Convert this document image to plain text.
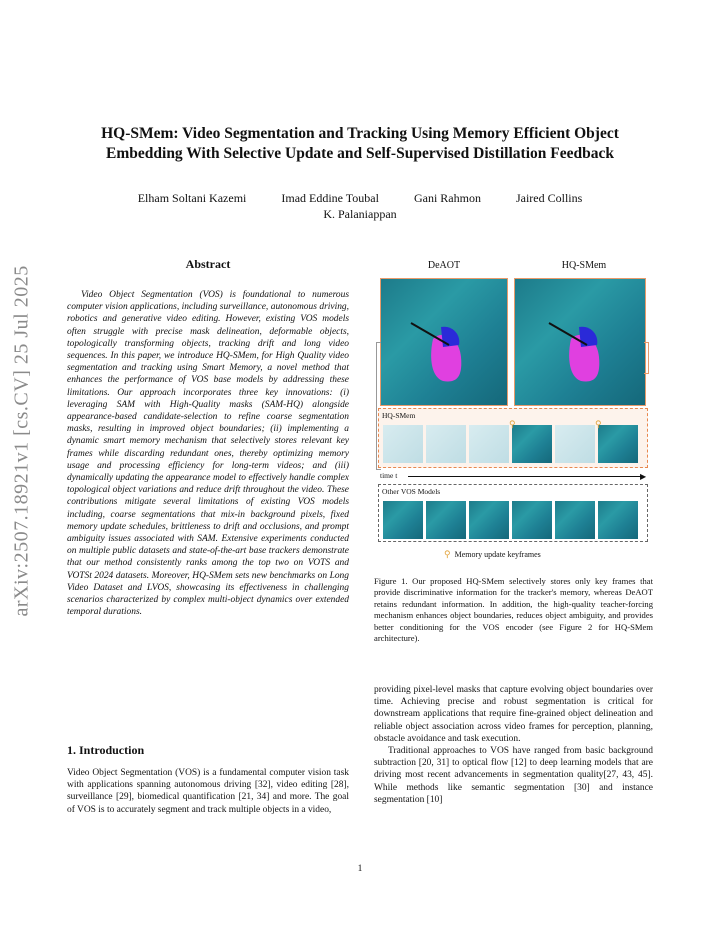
HQ-SMem: Video Segmentation and Tracking Using Memory Efficient Object
Embedding With Selective Update and Self-Supervised Distillation Feedback
Elham Soltani Kazemi	Imad Eddine Toubal	Gani Rahmon	Jaired Collins
K. Palaniappan
arXiv:2507.18921v1 [cs.CV] 25 Jul 2025
Abstract
Video Object Segmentation (VOS) is foundational to numerous computer vision applications, including surveillance, autonomous driving, robotics and generative video editing. However, existing VOS models often struggle with precise mask delineation, deformable objects, topologically transforming objects, tracking drift and long video sequences. In this paper, we introduce HQ-SMem, for High Quality video segmentation and tracking using Smart Memory, a novel method that enhances the performance of VOS base models by addressing these limitations. Our approach incorporates three key innovations: (i) leveraging SAM with High-Quality masks (SAM-HQ) alongside appearance-based candidate-selection to refine coarse segmentation masks, resulting in improved object boundaries; (ii) implementing a dynamic smart memory mechanism that selectively stores relevant key frames while discarding redundant ones, thereby optimizing memory usage and processing efficiency for long-term videos; and (iii) dynamically updating the appearance model to effectively handle complex topological object variations and reduce drift throughout the video. These contributions mitigate several limitations of existing VOS models including, coarse segmentations that mix-in background pixels, fixed memory update schedules, brittleness to drift and occlusions, and prompt ambiguity issues associated with SAM. Extensive experiments conducted on multiple public datasets and state-of-the-art base trackers demonstrate that our method consistently ranks among the top two on VOTS and VOTSt 2024 datasets. Moreover, HQ-SMem sets new benchmarks on Long Video Dataset and LVOS, showcasing its effectiveness in challenging scenarios characterized by complex multi-object dynamics over extended temporal durations.
1. Introduction

Video Object Segmentation (VOS) is a fundamental computer vision task with applications spanning autonomous driving [32], video editing [28], surveillance [29], biomedical quantification [21, 34] and more. The goal of VOS is to accurately segment and track multiple objects in a video,

DeAOT	HQ-SMem
HQ-SMem
⚲	⚲
time t	▶
Other VOS Models
⚲ Memory update keyframes
Figure 1. Our proposed HQ-SMem selectively stores only key frames that provide discriminative information for the tracker's memory, whereas DeAOT retains redundant information. In addition, the high-quality teacher-forcing mechanism enhances object boundaries, reduces object ambiguity, and provides better conditioning for the VOS encoder (see Figure 2 for HQ-SMem architecture).

providing pixel-level masks that capture evolving object boundaries over time. Achieving precise and robust segmentation is critical for downstream applications that require fine-grained object delineation and reliable object association across video frames for perception, planning, obstacle avoidance and task execution.

Traditional approaches to VOS have ranged from basic background subtraction [20, 31] to optical flow [12] to deep learning models that are driving most recent advancements in segmentation quality[27, 43, 45]. While methods like semantic segmentation [30] and instance segmentation [10]

1
